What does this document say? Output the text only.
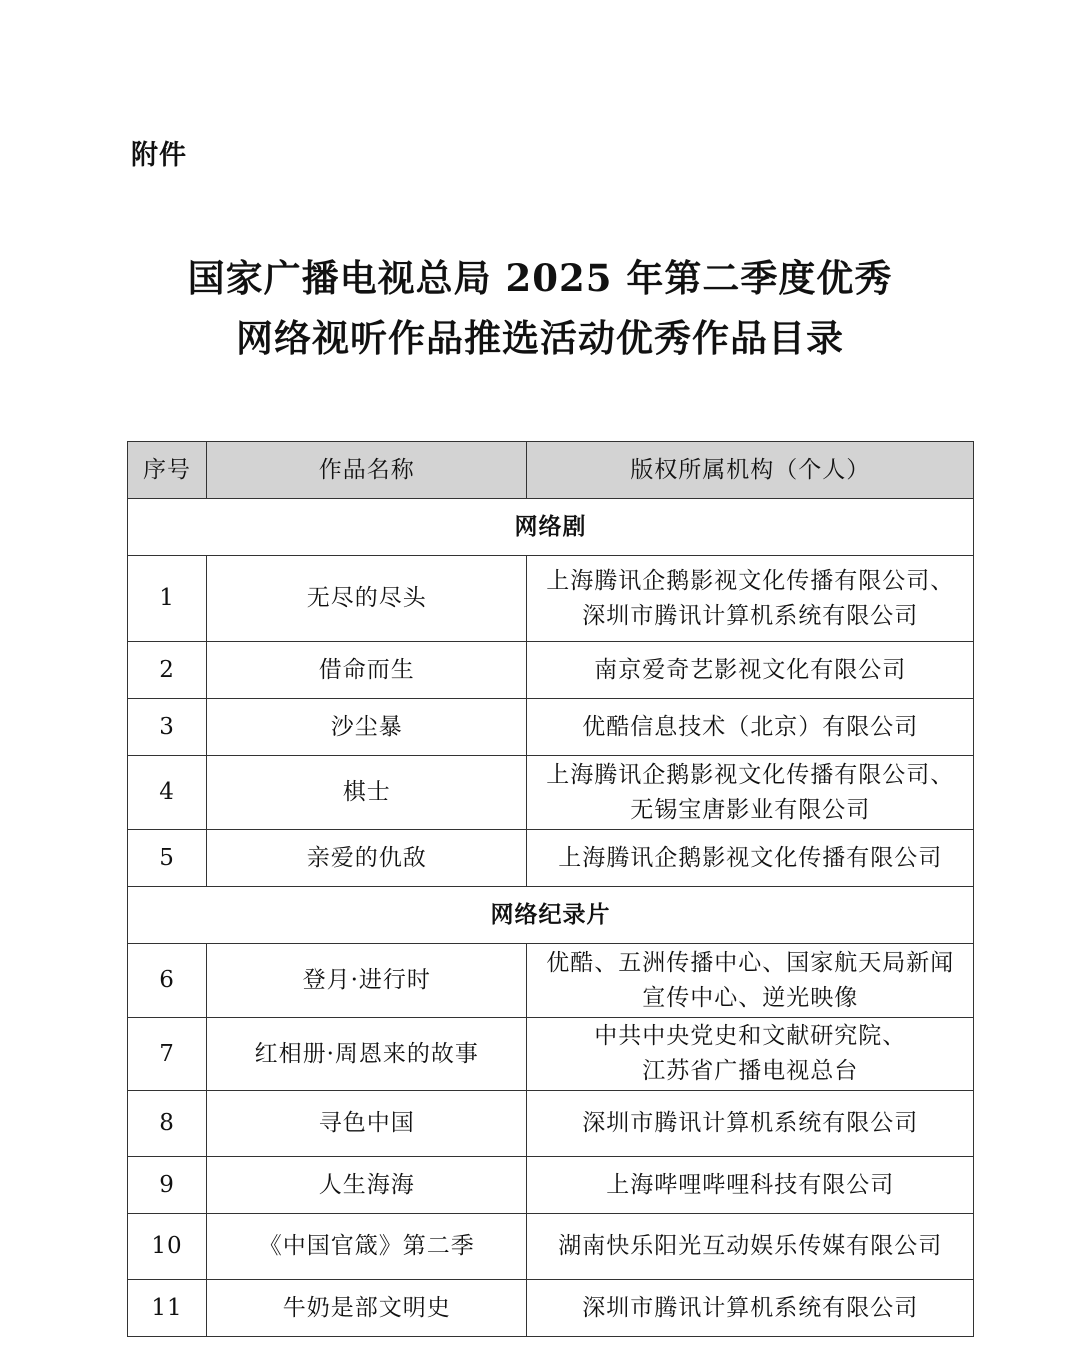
附件
国家广播电视总局 2025 年第二季度优秀
网络视听作品推选活动优秀作品目录
序号	作品名称	版权所属机构（个人）
网络剧		
1	无尽的尽头	上海腾讯企鹅影视文化传播有限公司、
深圳市腾讯计算机系统有限公司

2	借命而生	南京爱奇艺影视文化有限公司

3	沙尘暴	优酷信息技术（北京）有限公司

4	棋士	上海腾讯企鹅影视文化传播有限公司、
无锡宝唐影业有限公司

5	亲爱的仇敌	上海腾讯企鹅影视文化传播有限公司

网络纪录片		
6	登月·进行时	优酷、五洲传播中心、国家航天局新闻
宣传中心、逆光映像

7	红相册·周恩来的故事	中共中央党史和文献研究院、
江苏省广播电视总台

8	寻色中国	深圳市腾讯计算机系统有限公司

9	人生海海	上海哔哩哔哩科技有限公司

10	《中国官箴》第二季	湖南快乐阳光互动娱乐传媒有限公司

11	牛奶是部文明史	深圳市腾讯计算机系统有限公司
